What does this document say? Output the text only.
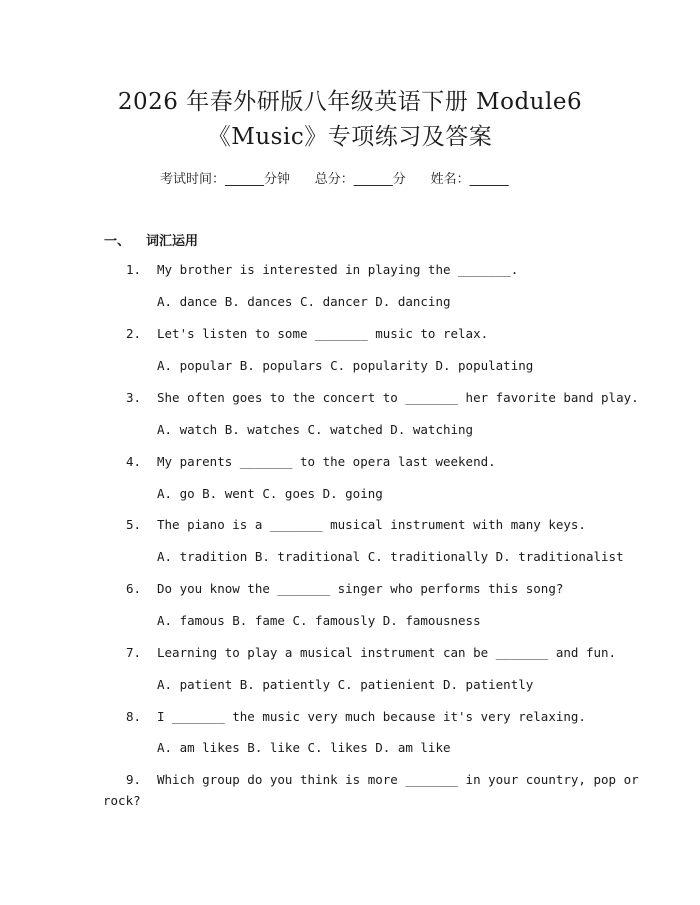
2026 年春外研版八年级英语下册 Module6
《Music》专项练习及答案
考试时间：______分钟      总分：______分      姓名：______
一、 词汇运用
1. My brother is interested in playing the _______.
A. dance B. dances C. dancer D. dancing
2. Let's listen to some _______ music to relax.
A. popular B. populars C. popularity D. populating
3. She often goes to the concert to _______ her favorite band play.
A. watch B. watches C. watched D. watching
4. My parents _______ to the opera last weekend.
A. go B. went C. goes D. going
5. The piano is a _______ musical instrument with many keys.
A. tradition B. traditional C. traditionally D. traditionalist
6. Do you know the _______ singer who performs this song?
A. famous B. fame C. famously D. famousness
7. Learning to play a musical instrument can be _______ and fun.
A. patient B. patiently C. patienient D. patiently
8. I _______ the music very much because it's very relaxing.
A. am likes B. like C. likes D. am like
9. Which group do you think is more _______ in your country, pop or
rock?
